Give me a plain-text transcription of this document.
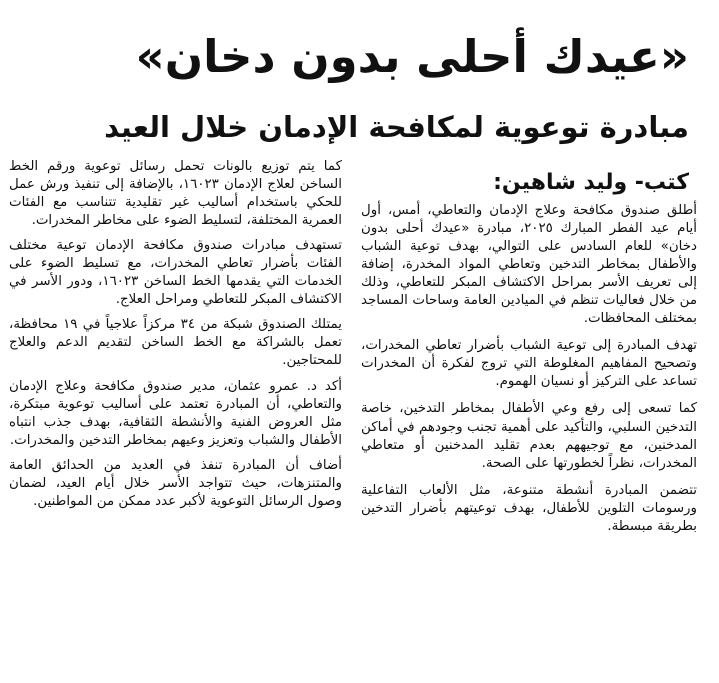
«عيدك أحلى بدون دخان»
مبادرة توعوية لمكافحة الإدمان خلال العيد
كتب- وليد شاهين:

أطلق صندوق مكافحة وعلاج الإدمان والتعاطي، أمس، أول أيام عيد الفطر المبارك ٢٠٢٥، مبادرة «عيدك أحلى بدون دخان» للعام السادس على التوالي، بهدف توعية الشباب والأطفال بمخاطر التدخين وتعاطي المواد المخدرة، إضافة إلى تعريف الأسر بمراحل الاكتشاف المبكر للتعاطي، وذلك من خلال فعاليات تنظم في الميادين العامة وساحات المساجد بمختلف المحافظات.

تهدف المبادرة إلى توعية الشباب بأضرار تعاطي المخدرات، وتصحيح المفاهيم المغلوطة التي تروج لفكرة أن المخدرات تساعد على التركيز أو نسيان الهموم.

كما تسعى إلى رفع وعي الأطفال بمخاطر التدخين، خاصة التدخين السلبي، والتأكيد على أهمية تجنب وجودهم في أماكن المدخنين، مع توجيههم بعدم تقليد المدخنين أو متعاطي المخدرات، نظراً لخطورتها على الصحة.

تتضمن المبادرة أنشطة متنوعة، مثل الألعاب التفاعلية ورسومات التلوين للأطفال، بهدف توعيتهم بأضرار التدخين بطريقة مبسطة.

كما يتم توزيع بالونات تحمل رسائل توعوية ورقم الخط الساخن لعلاج الإدمان ١٦٠٢٣، بالإضافة إلى تنفيذ ورش عمل للحكي باستخدام أساليب غير تقليدية تتناسب مع الفئات العمرية المختلفة، لتسليط الضوء على مخاطر المخدرات.

تستهدف مبادرات صندوق مكافحة الإدمان توعية مختلف الفئات بأضرار تعاطي المخدرات، مع تسليط الضوء على الخدمات التي يقدمها الخط الساخن ١٦٠٢٣، ودور الأسر في الاكتشاف المبكر للتعاطي ومراحل العلاج.

يمتلك الصندوق شبكة من ٣٤ مركزاً علاجياً في ١٩ محافظة، تعمل بالشراكة مع الخط الساخن لتقديم الدعم والعلاج للمحتاجين.

أكد د. عمرو عثمان، مدير صندوق مكافحة وعلاج الإدمان والتعاطي، أن المبادرة تعتمد على أساليب توعوية مبتكرة، مثل العروض الفنية والأنشطة الثقافية، بهدف جذب انتباه الأطفال والشباب وتعزيز وعيهم بمخاطر التدخين والمخدرات.

أضاف أن المبادرة تنفذ في العديد من الحدائق العامة والمتنزهات، حيث تتواجد الأسر خلال أيام العيد، لضمان وصول الرسائل التوعوية لأكبر عدد ممكن من المواطنين.
